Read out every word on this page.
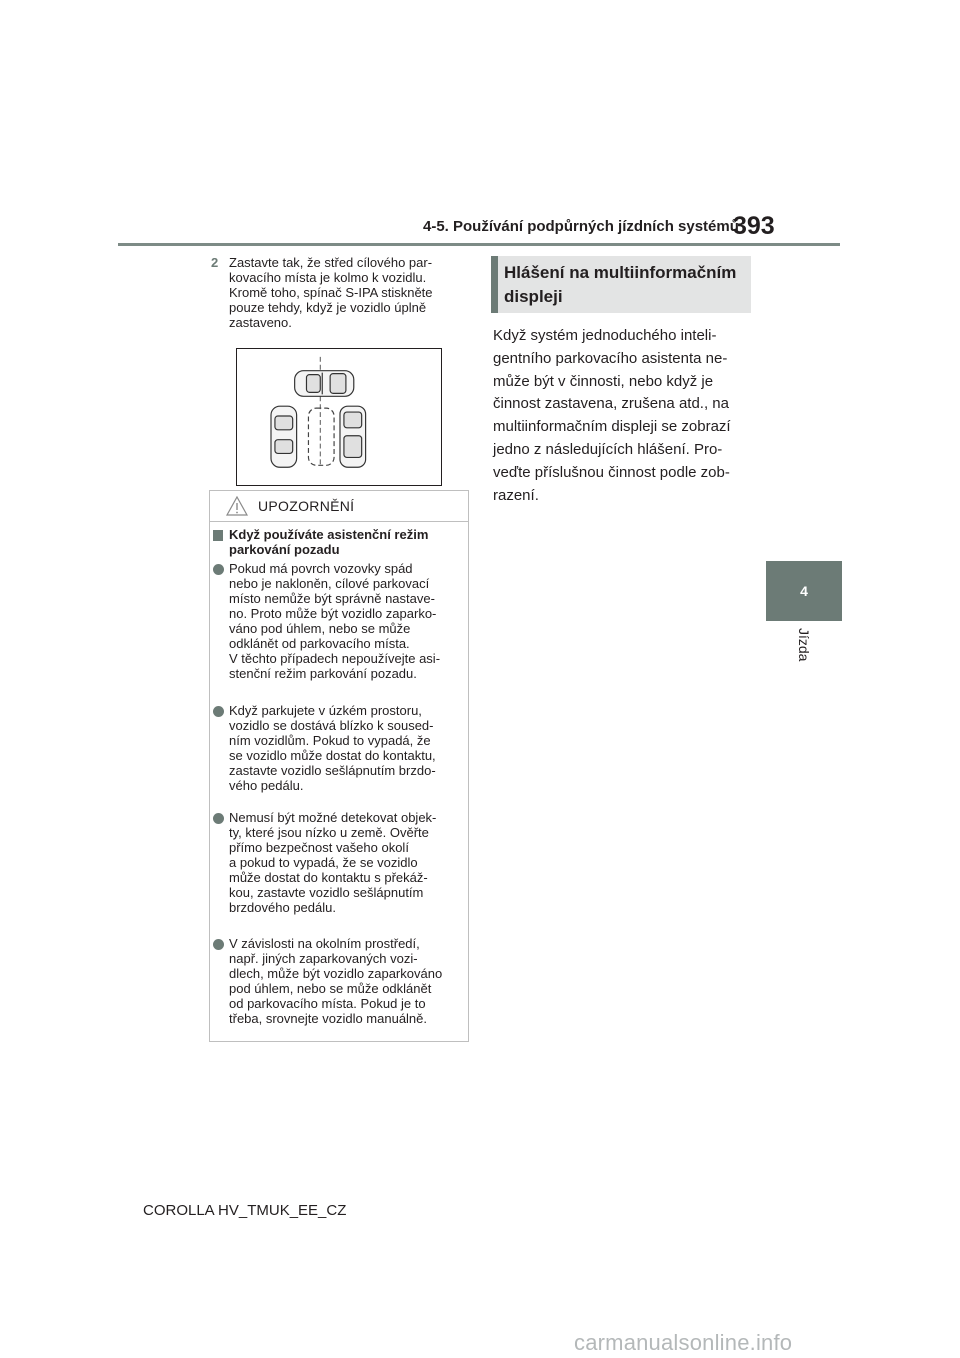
4-5. Používání podpůrných jízdních systémů
393
4
Jízda
2 Zastavte tak, že střed cílového par-
kovacího místa je kolmo k vozidlu.
Kromě toho, spínač S-IPA stiskněte
pouze tehdy, když je vozidlo úplně
zastaveno.
UPOZORNĚNÍ
Když používáte asistenční režim
parkování pozadu
Pokud má povrch vozovky spád
nebo je nakloněn, cílové parkovací
místo nemůže být správně nastave-
no. Proto může být vozidlo zaparko-
váno pod úhlem, nebo se může
odklánět od parkovacího místa.
V těchto případech nepoužívejte asi-
stenční režim parkování pozadu.
Když parkujete v úzkém prostoru,
vozidlo se dostává blízko k soused-
ním vozidlům. Pokud to vypadá, že
se vozidlo může dostat do kontaktu,
zastavte vozidlo sešlápnutím brzdo-
vého pedálu.
Nemusí být možné detekovat objek-
ty, které jsou nízko u země. Ověřte
přímo bezpečnost vašeho okolí
a pokud to vypadá, že se vozidlo
může dostat do kontaktu s překáž-
kou, zastavte vozidlo sešlápnutím
brzdového pedálu.
V závislosti na okolním prostředí,
např. jiných zaparkovaných vozi-
dlech, může být vozidlo zaparkováno
pod úhlem, nebo se může odklánět
od parkovacího místa. Pokud je to
třeba, srovnejte vozidlo manuálně.
Hlášení na multiinformačním
displeji
Když systém jednoduchého inteli-
gentního parkovacího asistenta ne-
může být v činnosti, nebo když je
činnost zastavena, zrušena atd., na
multiinformačním displeji se zobrazí
jedno z následujících hlášení. Pro-
veďte příslušnou činnost podle zob-
razení.
COROLLA HV_TMUK_EE_CZ
carmanualsonline.info
